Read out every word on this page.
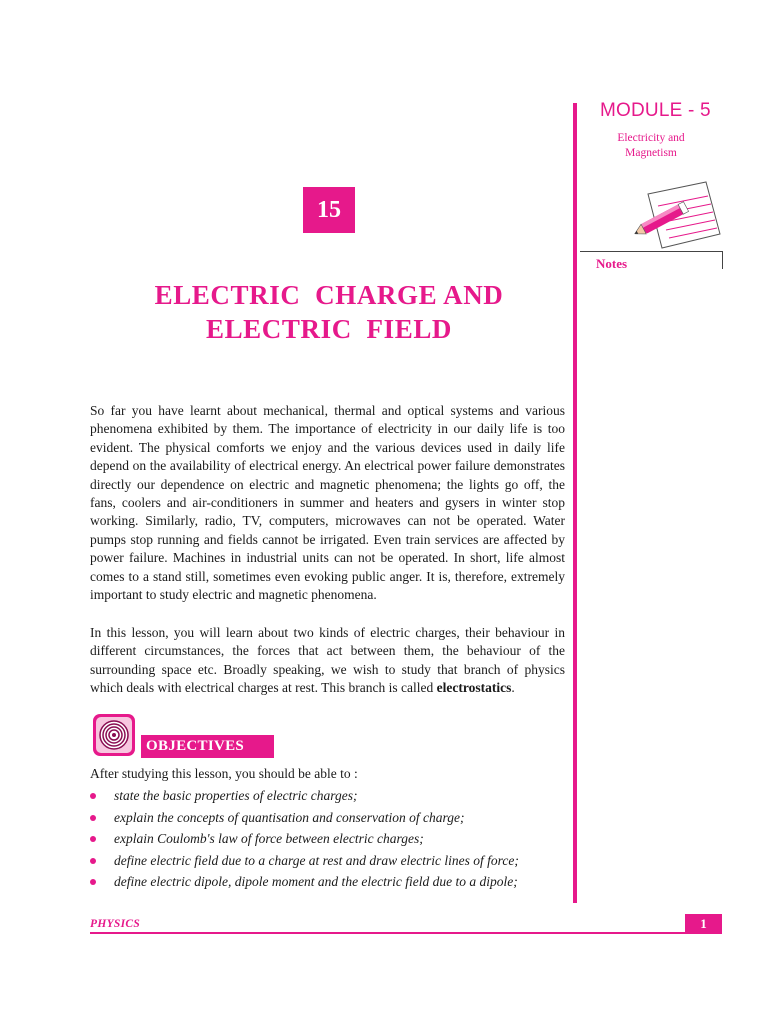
MODULE - 5
Electricity and
Magnetism
Notes
15
ELECTRIC  CHARGE AND
ELECTRIC  FIELD
So far you have learnt about mechanical, thermal and optical systems and various phenomena exhibited by them. The importance of electricity in our daily life is too evident. The physical comforts we enjoy and the various devices used in daily life depend on the availability of electrical energy. An electrical power failure demonstrates directly our dependence on electric and magnetic phenomena; the lights go off, the fans, coolers and air-conditioners in summer and heaters and gysers in winter stop working. Similarly, radio, TV, computers, microwaves can not be operated. Water pumps stop running and fields cannot be irrigated. Even train services are affected by power failure. Machines in industrial units can not be operated. In short, life almost comes to a stand still, sometimes even evoking public anger. It is, therefore, extremely important to study electric and magnetic phenomena.
In this lesson, you will learn about two kinds of electric charges, their behaviour in different circumstances, the forces that act between them, the behaviour of the surrounding space etc. Broadly speaking, we wish to study that branch of physics which deals with electrical charges at rest. This branch is called electrostatics.
OBJECTIVES
After studying this lesson, you should be able to :
state the basic properties of electric charges;
explain the concepts of quantisation and conservation of charge;
explain Coulomb's law of force between electric charges;
define electric field due to a charge at rest and draw electric lines of force;
define electric dipole, dipole moment and the electric field due to a dipole;
PHYSICS	1
